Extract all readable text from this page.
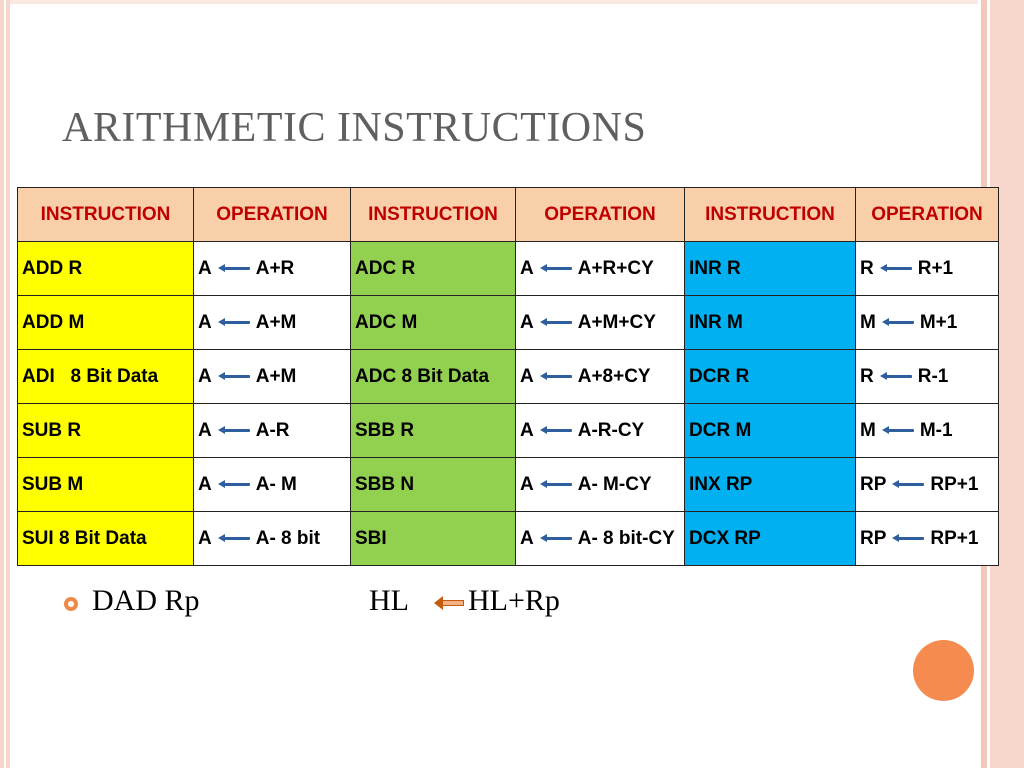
ARITHMETIC INSTRUCTIONS
INSTRUCTION	OPERATION	INSTRUCTION	OPERATION	INSTRUCTION	OPERATION
ADD R	A A+R	ADC R	A A+R+CY	INR R	R R+1

ADD M	A A+M	ADC M	A A+M+CY	INR M	M M+1

ADI   8 Bit Data	A A+M	ADC 8 Bit Data	A A+8+CY	DCR R	R R-1

SUB R	A A-R	SBB R	A A-R-CY	DCR M	M M-1

SUB M	A A- M	SBB N	A A- M-CY	INX RP	RP RP+1

SUI 8 Bit Data	A A- 8 bit	SBI	A A- 8 bit-CY	DCX RP	RP RP+1
DAD Rp	HL HL+Rp
